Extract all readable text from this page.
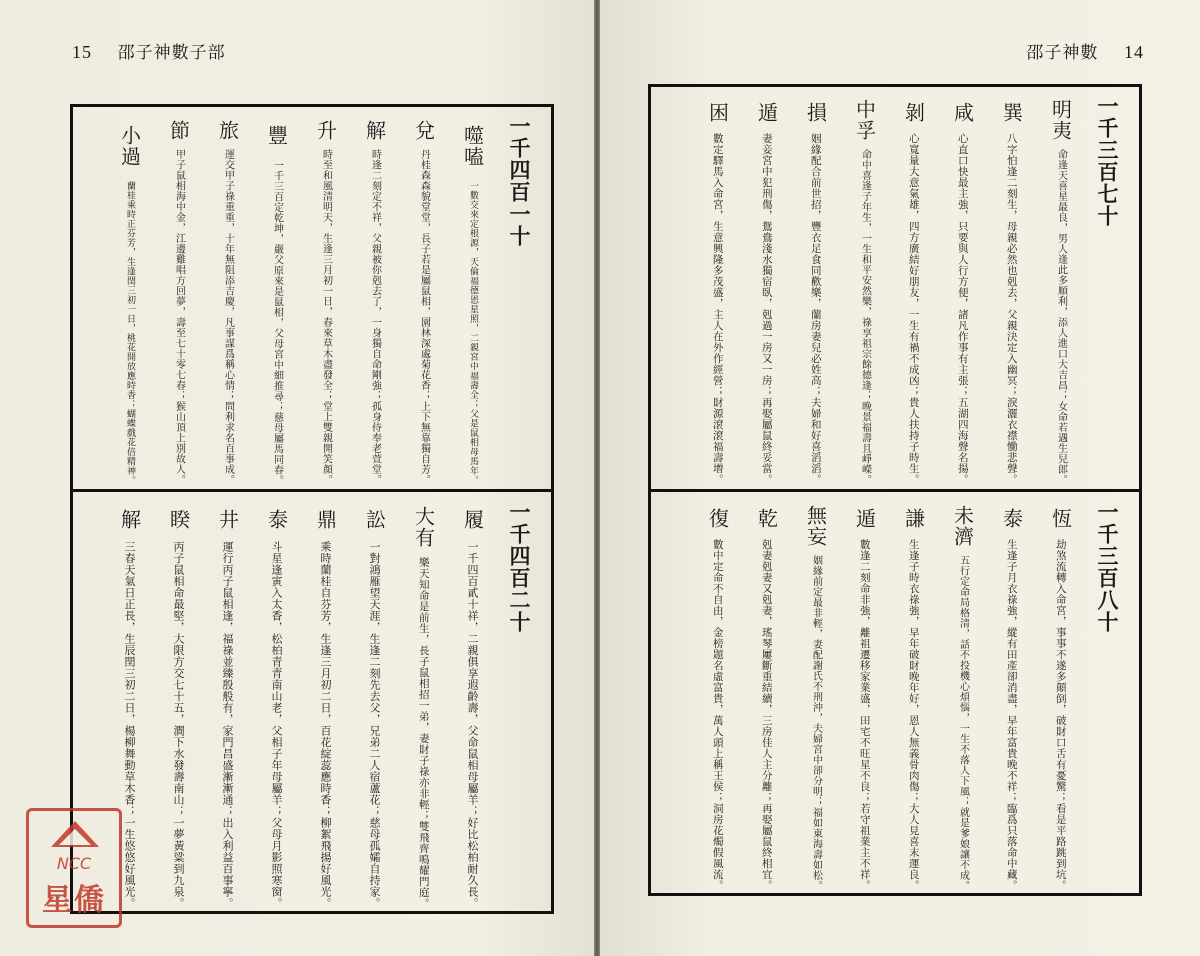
15 邵子神數子部
一千四百一十
噬嗑
一數交來定根源，天倫福德恩星照，
二親宮中福壽全；父是鼠相母馬年。
兌
丹桂森森貌堂堂，長子若是屬鼠相，
園林深處菊花香；上下無靠獨自芳。
解
時逢二刻定不祥，父親被你剋去了，
一身獨自命剛強；孤身侍奉老萱堂。
升
時至和風清明天，生逢三月初一日，
春來草木盡發全；堂上雙親開笑顏。
豐
一千三百定乾坤，嚴父原來是鼠相，
父母宮中細推尋；慈母屬馬同春。
旅
運交甲子祿重重，十年無阻添吉慶，
凡事謀爲稱心情；問利求名百事成。
節
甲子鼠相海中金，江邊雞唱方回夢，
壽至七十零七春；猴山頂上別故人。
小過
蘭桂乘時正芬芳，生逢閏三初一日，
桃花開放應時香；蝴蝶戲花倍精神。
一千四百二十
履
一千四百貳十祥，二親俱享遐齡壽，
父命鼠相母屬羊；好比松柏耐久長。
大有
樂天知命是前生，長子鼠相招一弟，
妻財子祿亦非輕；雙飛齊鳴耀門庭。
訟
一對鴻雁望天涯，生逢二刻先去父，
兄弟二人宿蘆花；慈母孤孀自持家。
鼎
乘時蘭桂自芬芳，生逢三月初二日，
百花綻蕊應時香；柳絮飛揚好風光。
泰
斗星逢寅入太香，松柏青青南山老，
父相子年母屬羊；父母月影照寒窗。
井
運行丙子鼠相逢，福祿並臻殷般有，
家門昌盛漸漸通；出入利益百事寧。
睽
丙子鼠相命最堅，大限方交七十五，
澗下水發壽南山；一夢黃粱到九泉。
解
三春天氣日正長，生辰閏三初二日，
楊柳舞動草木香；一生悠悠好風光。
NCC
星僑
邵子神數 14
一千三百七十
明夷
命逢天喜星最良，男人逢此多順利，
添人進口大吉昌；女命若遇生兒郎。
巽
八字怕逢二刻生，母親必然也剋去，
父親決定入幽冥；淚灑衣襟慟悲聲。
咸
心直口快最主強，只要與人行方便，
諸凡作事有主張；五湖四海聲名揚。
剝
心寬量大意氣雄，四方廣結好朋友，
一生有禍不成凶；貴人扶持子時生。
中孚
命中喜逢子年生，一生和平安然樂，
祿享祖宗餘德逢；晚景福壽且崢嶸。
損
姻緣配合前世招，豐衣足食同歡樂，
蘭房妻兒必姓高；夫婦和好喜滔滔。
遁
妻妾宮中犯刑傷，鴛鴦淺水獨宿臥，
剋過一房又一房；再娶屬鼠終妥當。
困
數定驛馬入命宮，生意興隆多茂盛，
主人在外作經營；財源滾滾福壽增。
一千三百八十
恆
劫煞流轉入命宮，事事不遂多顛倒，
破財口舌有憂驚；看是平路跳到坑。
泰
生逢子月衣祿強，縱有田產卻消盡，
早年富貴晚不祥；臨爲只落命中藏。
未濟
五行定命局格清，話不投機心煩惱，
一生不落人下風；就是爹娘讓不成。
謙
生逢子時衣祿強，早年破財晚年好，
恩人無義骨肉傷；大人見喜末運良。
遁
數逢二刻命非強，離祖遷移家業盛，
田宅不旺星不良；若守祖業主不祥。
無妄
姻緣前定最非輕，妻配謝氏不刑沖，
夫婦宮中卻分明；福如東海壽如松。
乾
剋妻剋妻又剋妻，瑤琴屢斷重結續，
三房佳人主分離；再娶屬鼠終相宜。
復
數中定命不自由，金榜題名虛富貴，
萬人頭上稱王侯；洞房花燭假風流。
